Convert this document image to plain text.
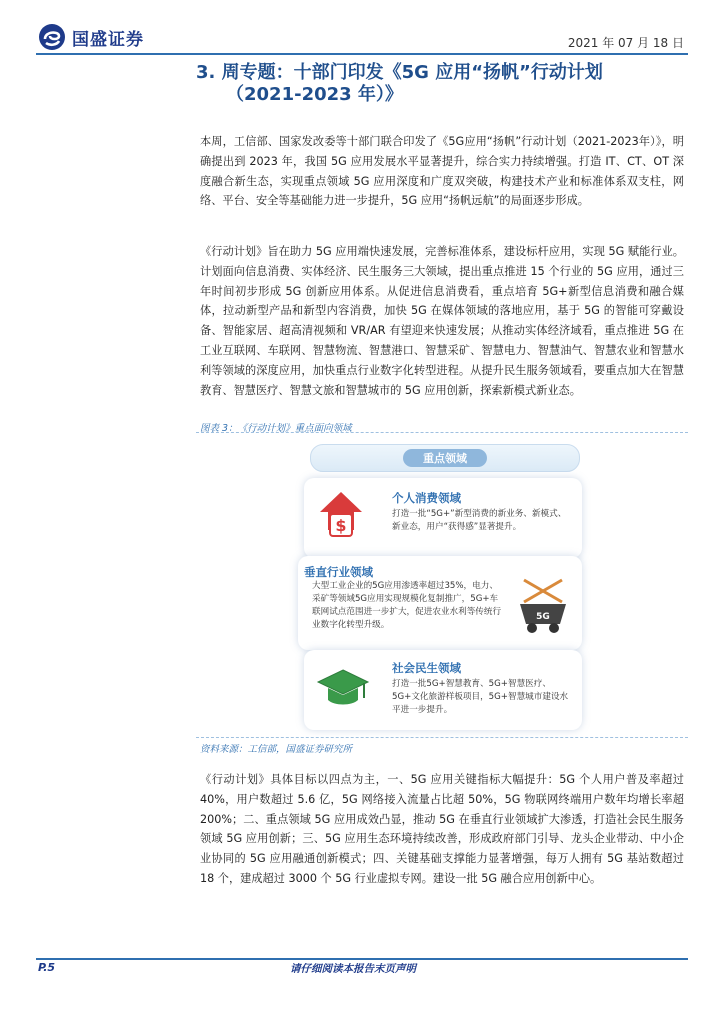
国盛证券	2021 年 07 月 18 日
3. 周专题：十部门印发《5G 应用“扬帆”行动计划
（2021-2023 年）》
本周，工信部、国家发改委等十部门联合印发了《5G应用“扬帆”行动计划（2021-2023年）》，明确提出到 2023 年，我国 5G 应用发展水平显著提升，综合实力持续增强。打造 IT、CT、OT 深度融合新生态，实现重点领域 5G 应用深度和广度双突破，构建技术产业和标准体系双支柱，网络、平台、安全等基础能力进一步提升，5G 应用“扬帆远航”的局面逐步形成。
《行动计划》旨在助力 5G 应用端快速发展，完善标准体系，建设标杆应用，实现 5G 赋能行业。计划面向信息消费、实体经济、民生服务三大领域，提出重点推进 15 个行业的 5G 应用，通过三年时间初步形成 5G 创新应用体系。从促进信息消费看，重点培育 5G+新型信息消费和融合媒体，拉动新型产品和新型内容消费，加快 5G 在媒体领域的落地应用，基于 5G 的智能可穿戴设备、智能家居、超高清视频和 VR/AR 有望迎来快速发展；从推动实体经济域看，重点推进 5G 在工业互联网、车联网、智慧物流、智慧港口、智慧采矿、智慧电力、智慧油气、智慧农业和智慧水利等领域的深度应用，加快重点行业数字化转型进程。从提升民生服务领域看，要重点加大在智慧教育、智慧医疗、智慧文旅和智慧城市的 5G 应用创新，探索新模式新业态。
图表 3：《行动计划》重点面向领域
重点领域
$
个人消费领域
打造一批“5G+”新型消费的新业务、新模式、新业态，用户“获得感”显著提升。
垂直行业领域
大型工业企业的5G应用渗透率超过35%，电力、采矿等领域5G应用实现规模化复制推广，5G+车联网试点范围进一步扩大，促进农业水利等传统行业数字化转型升级。
5G
社会民生领域
打造一批5G+智慧教育、5G+智慧医疗、5G+文化旅游样板项目，5G+智慧城市建设水平进一步提升。
资料来源：工信部，国盛证券研究所
《行动计划》具体目标以四点为主，一、5G 应用关键指标大幅提升：5G 个人用户普及率超过 40%，用户数超过 5.6 亿，5G 网络接入流量占比超 50%，5G 物联网终端用户数年均增长率超 200%；二、重点领域 5G 应用成效凸显，推动 5G 在垂直行业领域扩大渗透，打造社会民生服务领域 5G 应用创新；三、5G 应用生态环境持续改善，形成政府部门引导、龙头企业带动、中小企业协同的 5G 应用融通创新模式；四、关键基础支撑能力显著增强，每万人拥有 5G 基站数超过 18 个，建成超过 3000 个 5G 行业虚拟专网。建设一批 5G 融合应用创新中心。
P.5	请仔细阅读本报告末页声明
